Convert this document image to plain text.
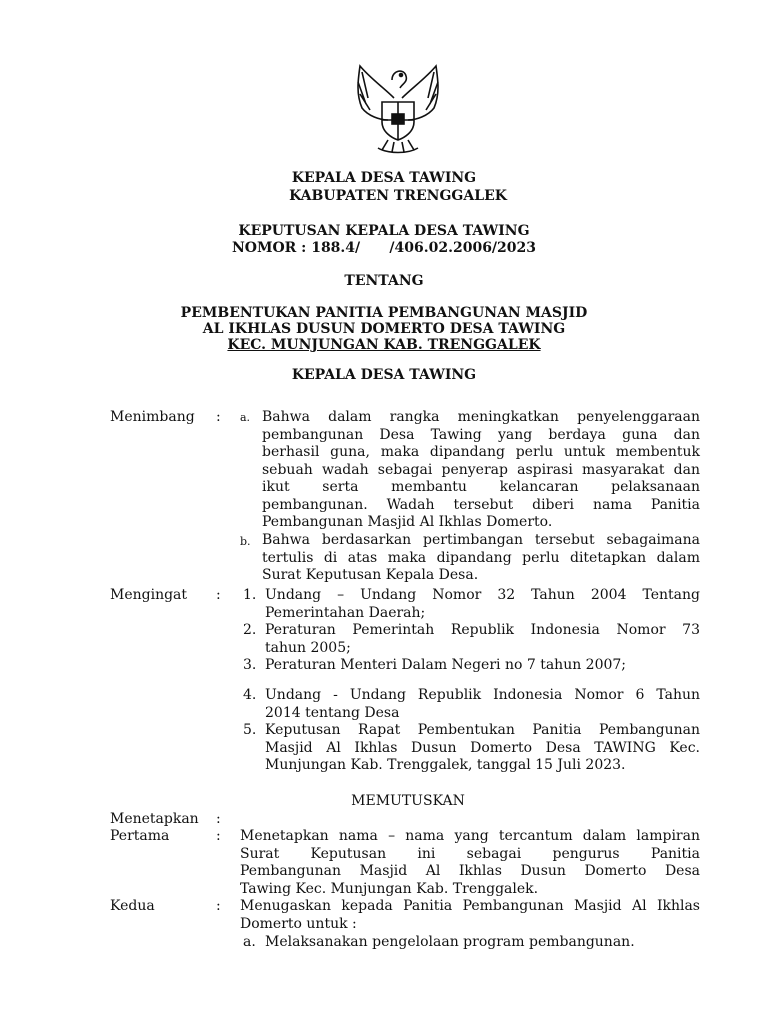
KEPALA DESA TAWING
KABUPATEN TRENGGALEK
KEPUTUSAN KEPALA DESA TAWING
NOMOR : 188.4/      /406.02.2006/2023
TENTANG
PEMBENTUKAN PANITIA PEMBANGUNAN MASJID
AL IKHLAS DUSUN DOMERTO DESA TAWING
KEC. MUNJUNGAN KAB. TRENGGALEK
KEPALA DESA TAWING
Menimbang : a. Bahwa dalam rangka meningkatkan penyelenggaraan
pembangunan Desa Tawing yang berdaya guna dan
berhasil guna, maka dipandang perlu untuk membentuk
sebuah wadah sebagai penyerap aspirasi masyarakat dan
ikut serta membantu kelancaran pelaksanaan
pembangunan. Wadah tersebut diberi nama Panitia
Pembangunan Masjid Al Ikhlas Domerto.
b. Bahwa berdasarkan pertimbangan tersebut sebagaimana
tertulis di atas maka dipandang perlu ditetapkan dalam
Surat Keputusan Kepala Desa.
Mengingat : 1. Undang – Undang Nomor 32 Tahun 2004 Tentang
Pemerintahan Daerah;
2. Peraturan Pemerintah Republik Indonesia Nomor 73
tahun 2005;
3. Peraturan Menteri Dalam Negeri no 7 tahun 2007;
4. Undang - Undang Republik Indonesia Nomor 6 Tahun
2014 tentang Desa
5. Keputusan Rapat Pembentukan Panitia Pembangunan
Masjid Al Ikhlas Dusun Domerto Desa TAWING Kec.
Munjungan Kab. Trenggalek, tanggal 15 Juli 2023.
MEMUTUSKAN
Menetapkan :
Pertama	: Menetapkan nama – nama yang tercantum dalam lampiran
Surat Keputusan ini sebagai pengurus Panitia
Pembangunan Masjid Al Ikhlas Dusun Domerto Desa
Tawing Kec. Munjungan Kab. Trenggalek.
Kedua	: Menugaskan kepada Panitia Pembangunan Masjid Al Ikhlas
Domerto untuk :
a. Melaksanakan pengelolaan program pembangunan.
